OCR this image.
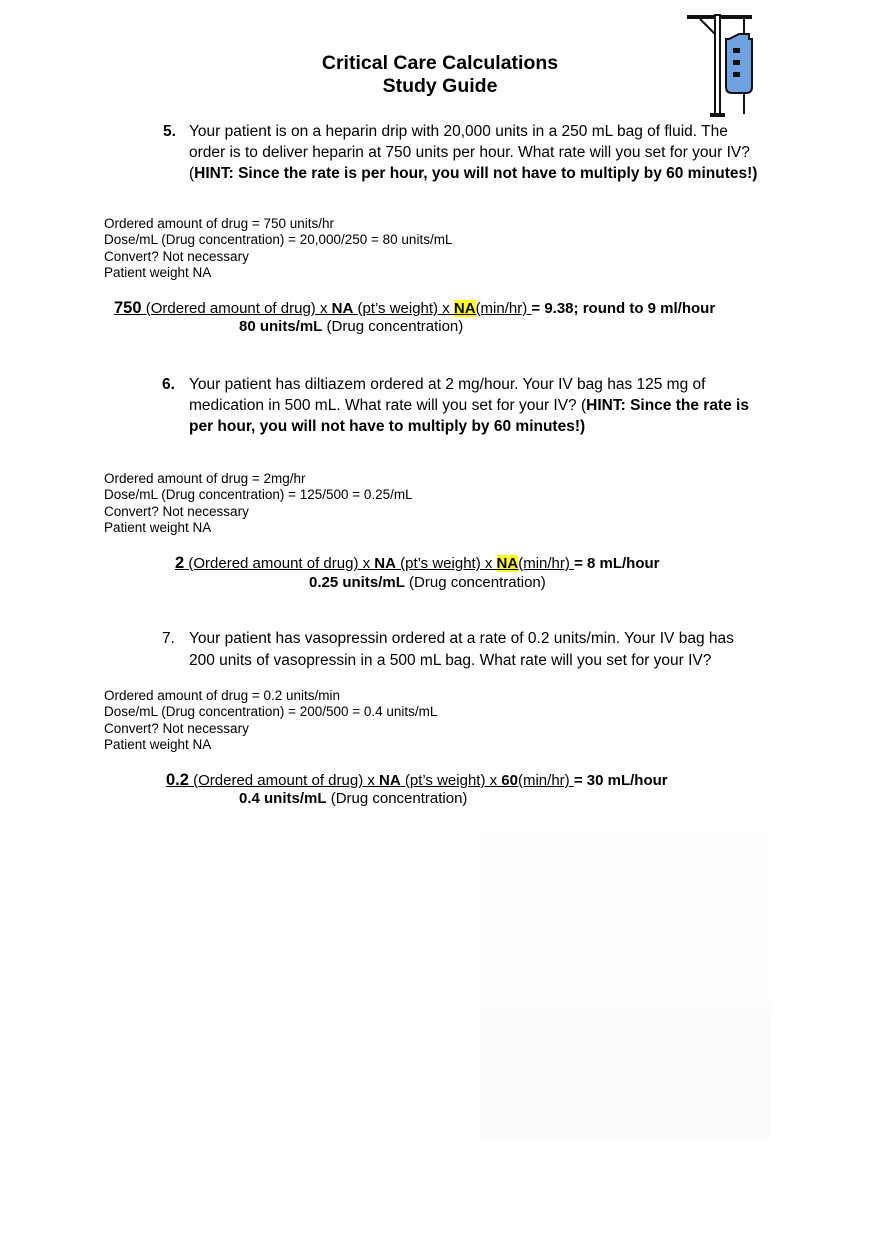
Critical Care Calculations
Study Guide
5. Your patient is on a heparin drip with 20,000 units in a 250 mL bag of fluid. The
order is to deliver heparin at 750 units per hour. What rate will you set for your IV?
(HINT: Since the rate is per hour, you will not have to multiply by 60 minutes!)
Ordered amount of drug = 750 units/hr
Dose/mL (Drug concentration) = 20,000/250 = 80 units/mL
Convert? Not necessary
Patient weight NA
750 (Ordered amount of drug) x NA (pt’s weight) x NA(min/hr) = 9.38; round to 9 ml/hour
80 units/mL (Drug concentration)
6. Your patient has diltiazem ordered at 2 mg/hour. Your IV bag has 125 mg of
medication in 500 mL. What rate will you set for your IV? (HINT: Since the rate is
per hour, you will not have to multiply by 60 minutes!)
Ordered amount of drug = 2mg/hr
Dose/mL (Drug concentration) = 125/500 = 0.25/mL
Convert? Not necessary
Patient weight NA
2 (Ordered amount of drug) x NA (pt’s weight) x NA(min/hr) = 8 mL/hour
0.25 units/mL (Drug concentration)
7. Your patient has vasopressin ordered at a rate of 0.2 units/min. Your IV bag has
200 units of vasopressin in a 500 mL bag. What rate will you set for your IV?
Ordered amount of drug = 0.2 units/min
Dose/mL (Drug concentration) = 200/500 = 0.4 units/mL
Convert? Not necessary
Patient weight NA
0.2 (Ordered amount of drug) x NA (pt’s weight) x 60(min/hr) = 30 mL/hour
0.4 units/mL (Drug concentration)
